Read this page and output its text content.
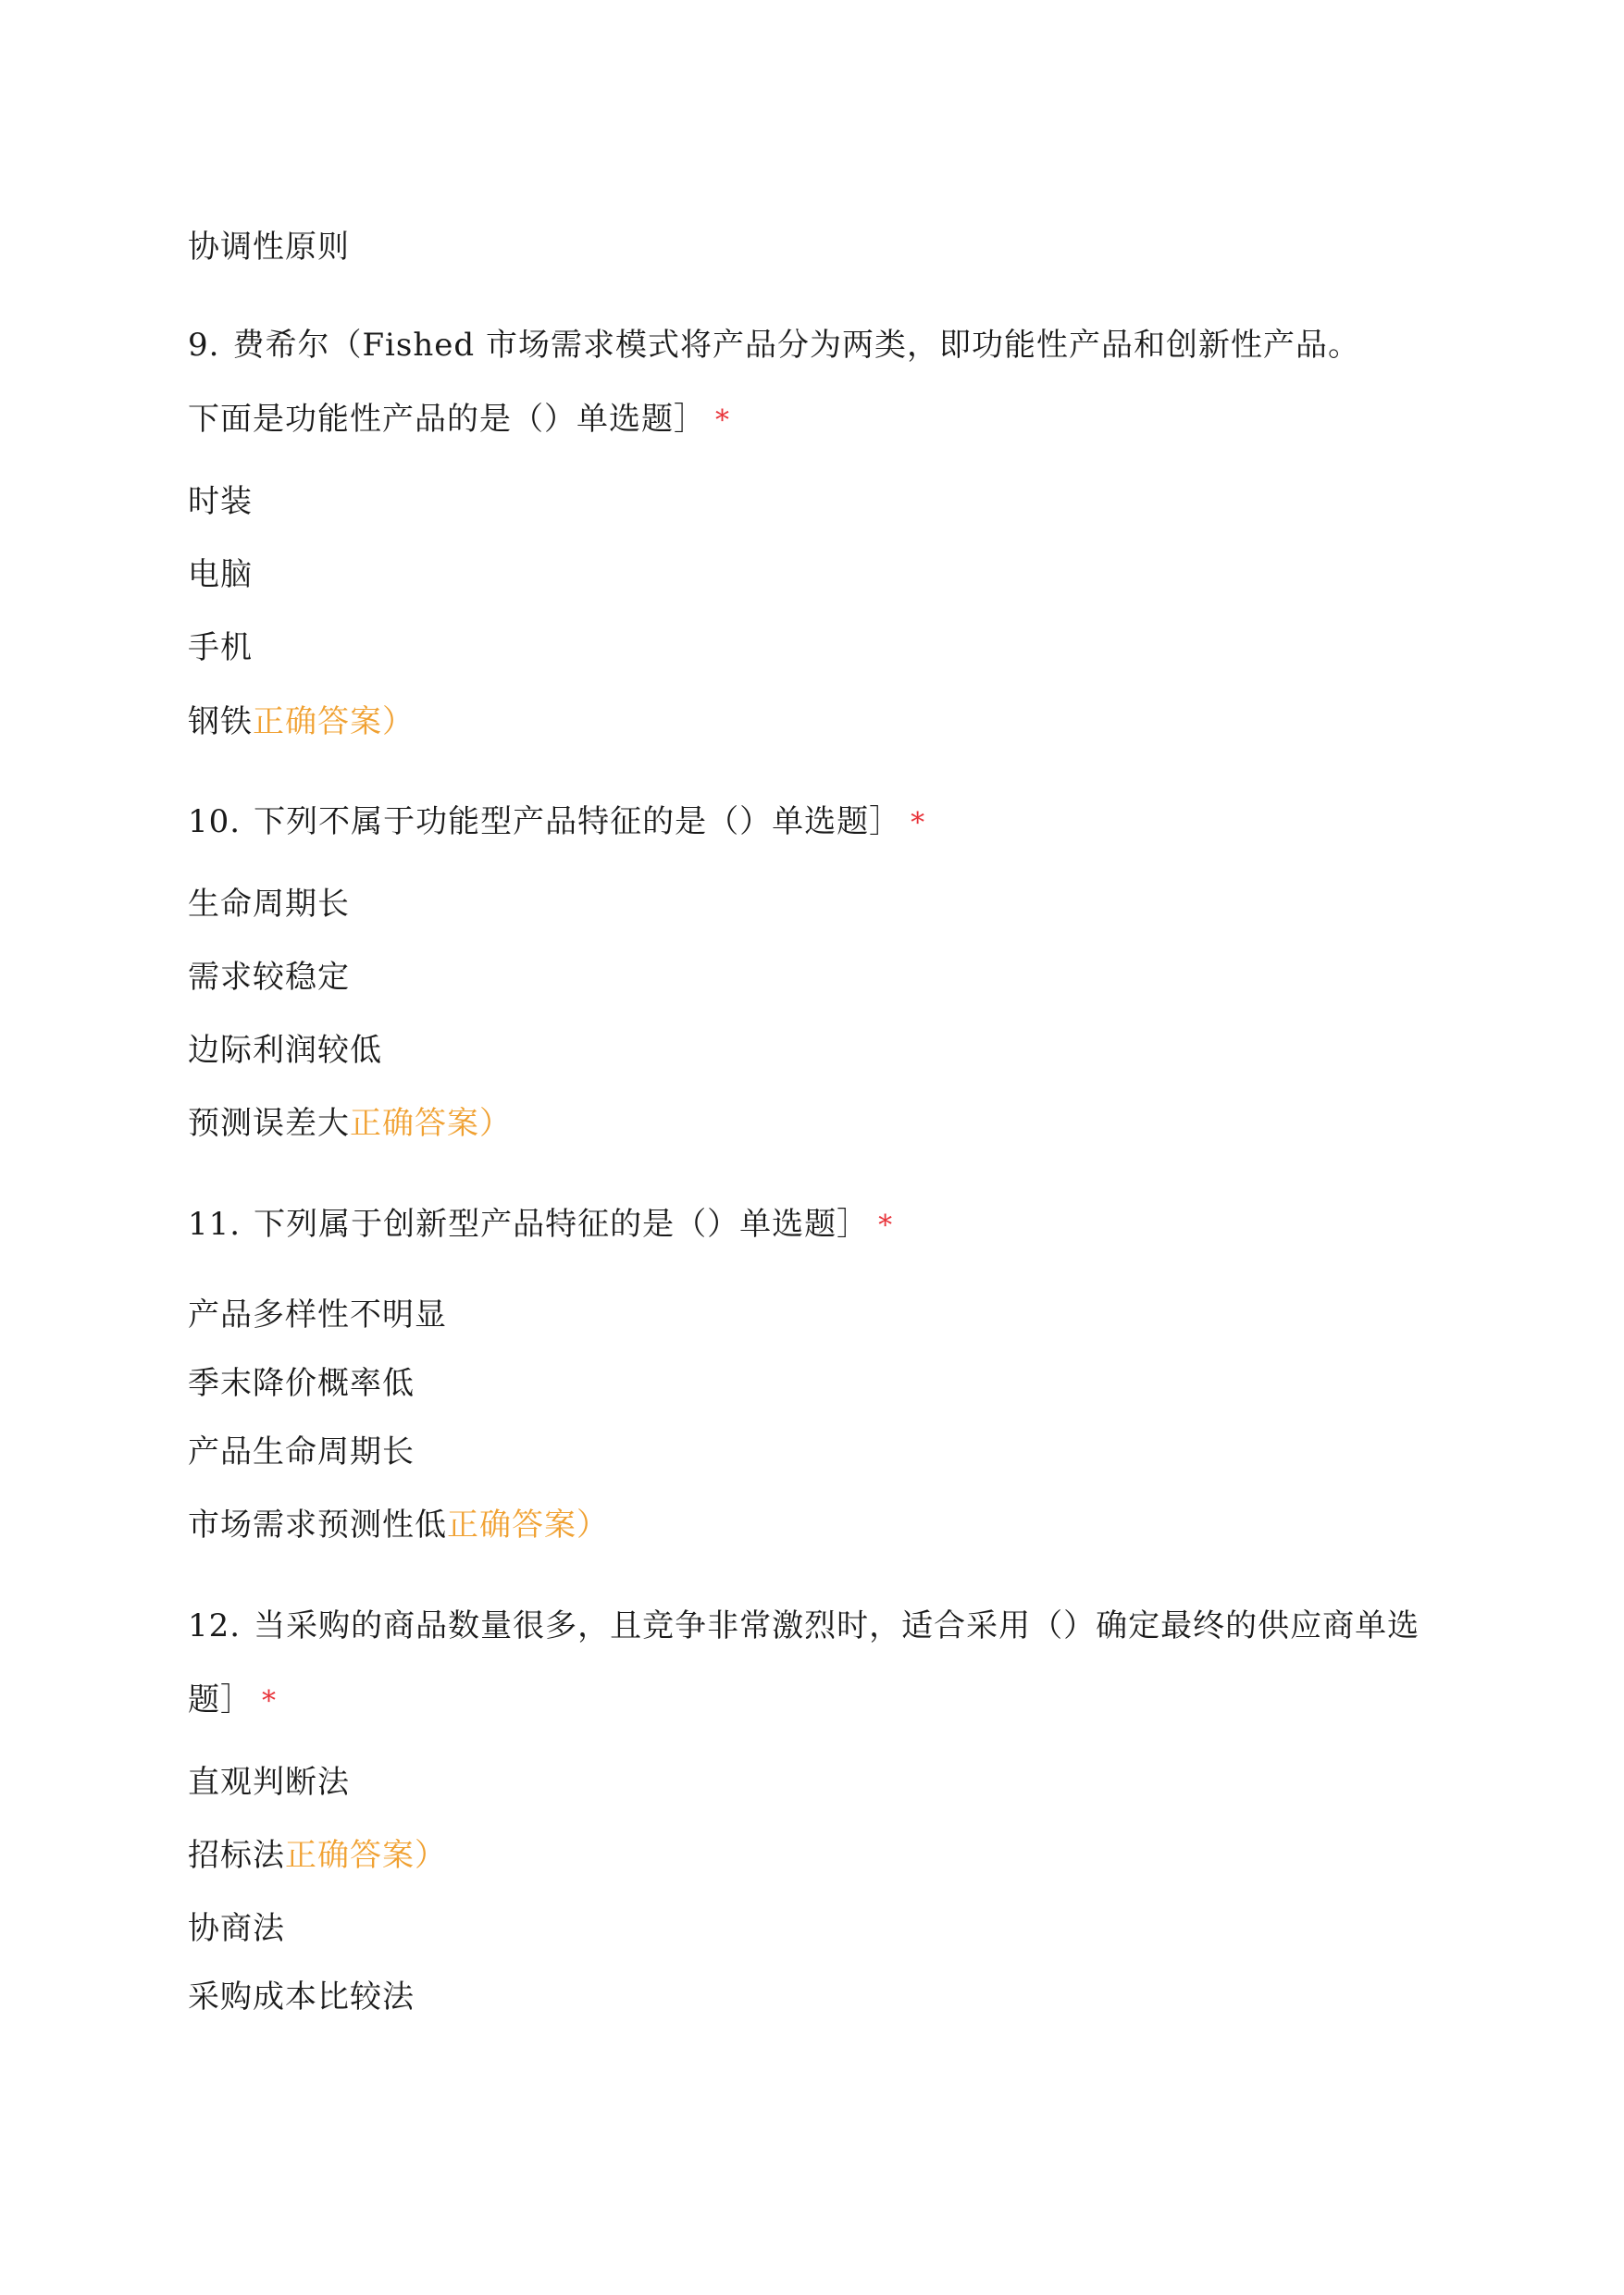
协调性原则
9. 费希尔（Fished 市场需求模式将产品分为两类，即功能性产品和创新性产品。
下面是功能性产品的是（）单选题］ *
时装
电脑
手机
钢铁正确答案）
10. 下列不属于功能型产品特征的是（）单选题］ *
生命周期长
需求较稳定
边际利润较低
预测误差大正确答案）
11. 下列属于创新型产品特征的是（）单选题］ *
产品多样性不明显
季末降价概率低
产品生命周期长
市场需求预测性低正确答案）
12. 当采购的商品数量很多，且竞争非常激烈时，适合采用（）确定最终的供应商单选
题］ *
直观判断法
招标法正确答案）
协商法
采购成本比较法
